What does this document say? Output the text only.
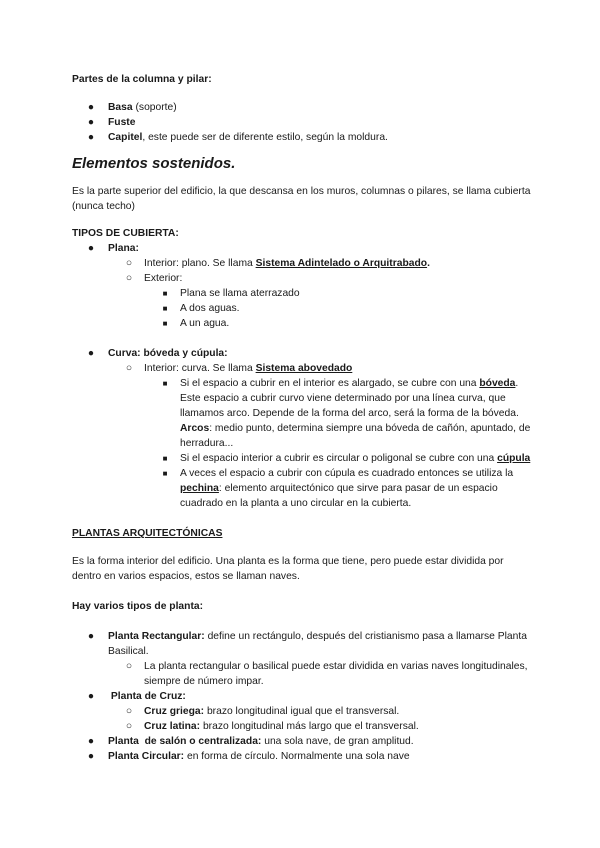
Partes de la columna y pilar:

● Basa (soporte)
● Fuste
● Capitel, este puede ser de diferente estilo, según la moldura.

Elementos sostenidos.

Es la parte superior del edificio, la que descansa en los muros, columnas o pilares, se llama cubierta (nunca techo)

TIPOS DE CUBIERTA:

● Plana:
○ Interior: plano. Se llama Sistema Adintelado o Arquitrabado.
○ Exterior:
■ Plana se llama aterrazado
■ A dos aguas.
■ A un agua.
● Curva: bóveda y cúpula:
○ Interior: curva. Se llama Sistema abovedado
■ Si el espacio a cubrir en el interior es alargado, se cubre con una bóveda. Este espacio a cubrir curvo viene determinado por una línea curva, que llamamos arco. Depende de la forma del arco, será la forma de la bóveda. Arcos: medio punto, determina siempre una bóveda de cañón, apuntado, de herradura...
■ Si el espacio interior a cubrir es circular o poligonal se cubre con una cúpula
■ A veces el espacio a cubrir con cúpula es cuadrado entonces se utiliza la pechina: elemento arquitectónico que sirve para pasar de un espacio cuadrado en la planta a uno circular en la cubierta.

PLANTAS ARQUITECTÓNICAS

Es la forma interior del edificio. Una planta es la forma que tiene, pero puede estar dividida por dentro en varios espacios, estos se llaman naves.

Hay varios tipos de planta:

● Planta Rectangular: define un rectángulo, después del cristianismo pasa a llamarse Planta Basilical.
○ La planta rectangular o basilical puede estar dividida en varias naves longitudinales, siempre de número impar.
● Planta de Cruz:
○ Cruz griega: brazo longitudinal igual que el transversal.
○ Cruz latina: brazo longitudinal más largo que el transversal.
● Planta  de salón o centralizada: una sola nave, de gran amplitud.
● Planta Circular: en forma de círculo. Normalmente una sola nave
